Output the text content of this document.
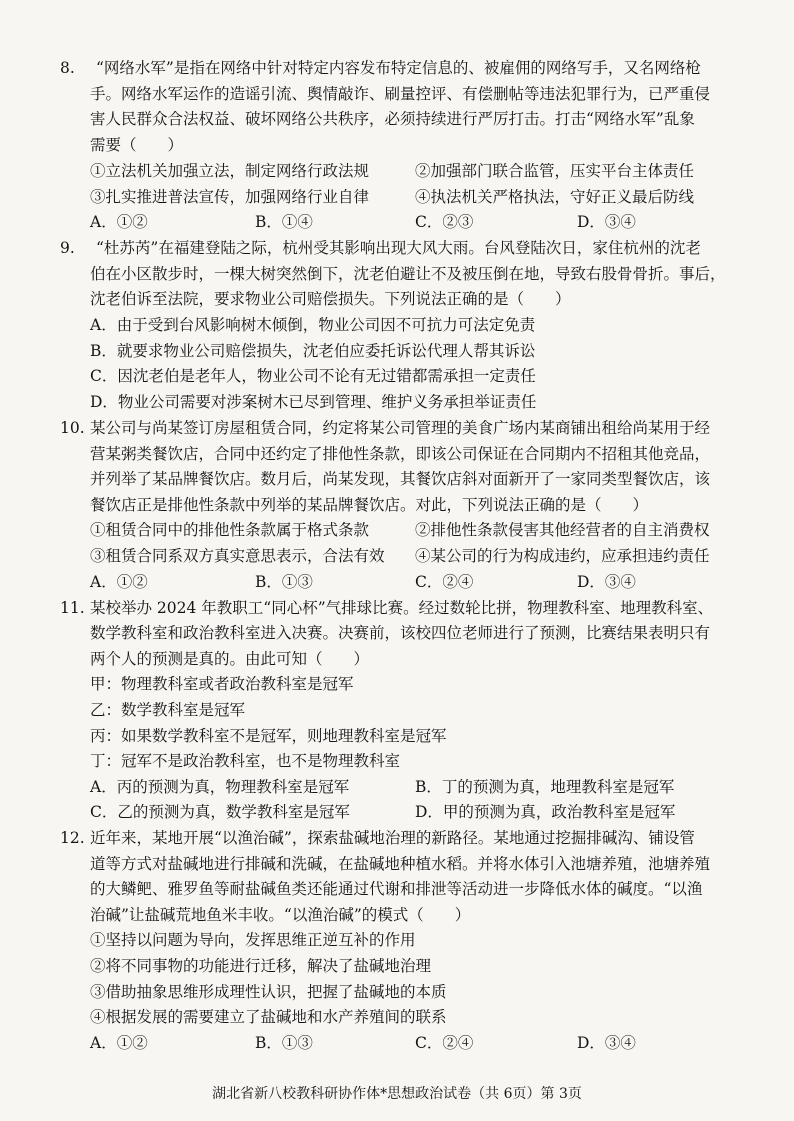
8. “网络水军”是指在网络中针对特定内容发布特定信息的、被雇佣的网络写手，又名网络枪
手。网络水军运作的造谣引流、舆情敲诈、刷量控评、有偿删帖等违法犯罪行为，已严重侵
害人民群众合法权益、破坏网络公共秩序，必须持续进行严厉打击。打击“网络水军”乱象
需要（　　）
①立法机关加强立法，制定网络行政法规	②加强部门联合监管，压实平台主体责任
③扎实推进普法宣传，加强网络行业自律	④执法机关严格执法，守好正义最后防线
A．①②	B．①④	C．②③	D．③④
9. “杜苏芮”在福建登陆之际，杭州受其影响出现大风大雨。台风登陆次日，家住杭州的沈老
伯在小区散步时，一棵大树突然倒下，沈老伯避让不及被压倒在地，导致右股骨骨折。事后，
沈老伯诉至法院，要求物业公司赔偿损失。下列说法正确的是（　　）
A．由于受到台风影响树木倾倒，物业公司因不可抗力可法定免责
B．就要求物业公司赔偿损失，沈老伯应委托诉讼代理人帮其诉讼
C．因沈老伯是老年人，物业公司不论有无过错都需承担一定责任
D．物业公司需要对涉案树木已尽到管理、维护义务承担举证责任
10. 某公司与尚某签订房屋租赁合同，约定将某公司管理的美食广场内某商铺出租给尚某用于经
营某粥类餐饮店，合同中还约定了排他性条款，即该公司保证在合同期内不招租其他竞品，
并列举了某品牌餐饮店。数月后，尚某发现，其餐饮店斜对面新开了一家同类型餐饮店，该
餐饮店正是排他性条款中列举的某品牌餐饮店。对此，下列说法正确的是（　　）
①租赁合同中的排他性条款属于格式条款	②排他性条款侵害其他经营者的自主消费权
③租赁合同系双方真实意思表示，合法有效 ④某公司的行为构成违约，应承担违约责任
A．①②	B．①③	C．②④	D．③④
11. 某校举办 2024 年教职工“同心杯”气排球比赛。经过数轮比拼，物理教科室、地理教科室、
数学教科室和政治教科室进入决赛。决赛前，该校四位老师进行了预测，比赛结果表明只有
两个人的预测是真的。由此可知（　　）
甲：物理教科室或者政治教科室是冠军
乙：数学教科室是冠军
丙：如果数学教科室不是冠军，则地理教科室是冠军
丁：冠军不是政治教科室，也不是物理教科室
A．丙的预测为真，物理教科室是冠军	B．丁的预测为真，地理教科室是冠军
C．乙的预测为真，数学教科室是冠军	D．甲的预测为真，政治教科室是冠军
12. 近年来，某地开展“以渔治碱”，探索盐碱地治理的新路径。某地通过挖掘排碱沟、铺设管
道等方式对盐碱地进行排碱和洗碱，在盐碱地种植水稻。并将水体引入池塘养殖，池塘养殖
的大鳞鲃、雅罗鱼等耐盐碱鱼类还能通过代谢和排泄等活动进一步降低水体的碱度。“以渔
治碱”让盐碱荒地鱼米丰收。“以渔治碱”的模式（　　）
①坚持以问题为导向，发挥思维正逆互补的作用
②将不同事物的功能进行迁移，解决了盐碱地治理
③借助抽象思维形成理性认识，把握了盐碱地的本质
④根据发展的需要建立了盐碱地和水产养殖间的联系
A．①②	B．①③	C．②④	D．③④
湖北省新八校教科研协作体*思想政治试卷（共 6页）第 3页
